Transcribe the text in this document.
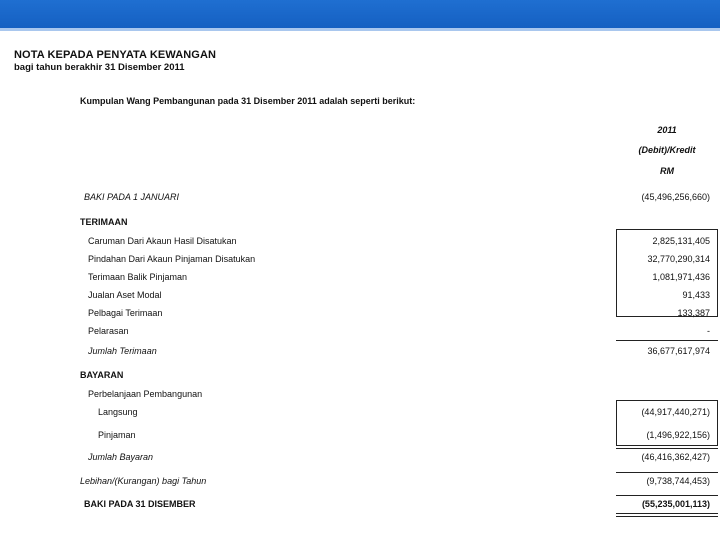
NOTA KEPADA PENYATA KEWANGAN
bagi tahun berakhir 31 Disember 2011
Kumpulan Wang Pembangunan pada 31 Disember 2011 adalah seperti berikut:
2011
(Debit)/Kredit
RM
BAKI PADA 1 JANUARI	(45,496,256,660)
TERIMAAN
Caruman Dari Akaun Hasil Disatukan	2,825,131,405
Pindahan Dari Akaun Pinjaman Disatukan	32,770,290,314
Terimaan Balik Pinjaman	1,081,971,436
Jualan Aset Modal	91,433
Pelbagai Terimaan	133,387
Pelarasan	-
Jumlah Terimaan	36,677,617,974
BAYARAN
Perbelanjaan Pembangunan
Langsung	(44,917,440,271)
Pinjaman	(1,496,922,156)
Jumlah Bayaran	(46,416,362,427)
Lebihan/(Kurangan) bagi Tahun	(9,738,744,453)
BAKI PADA 31 DISEMBER	(55,235,001,113)
